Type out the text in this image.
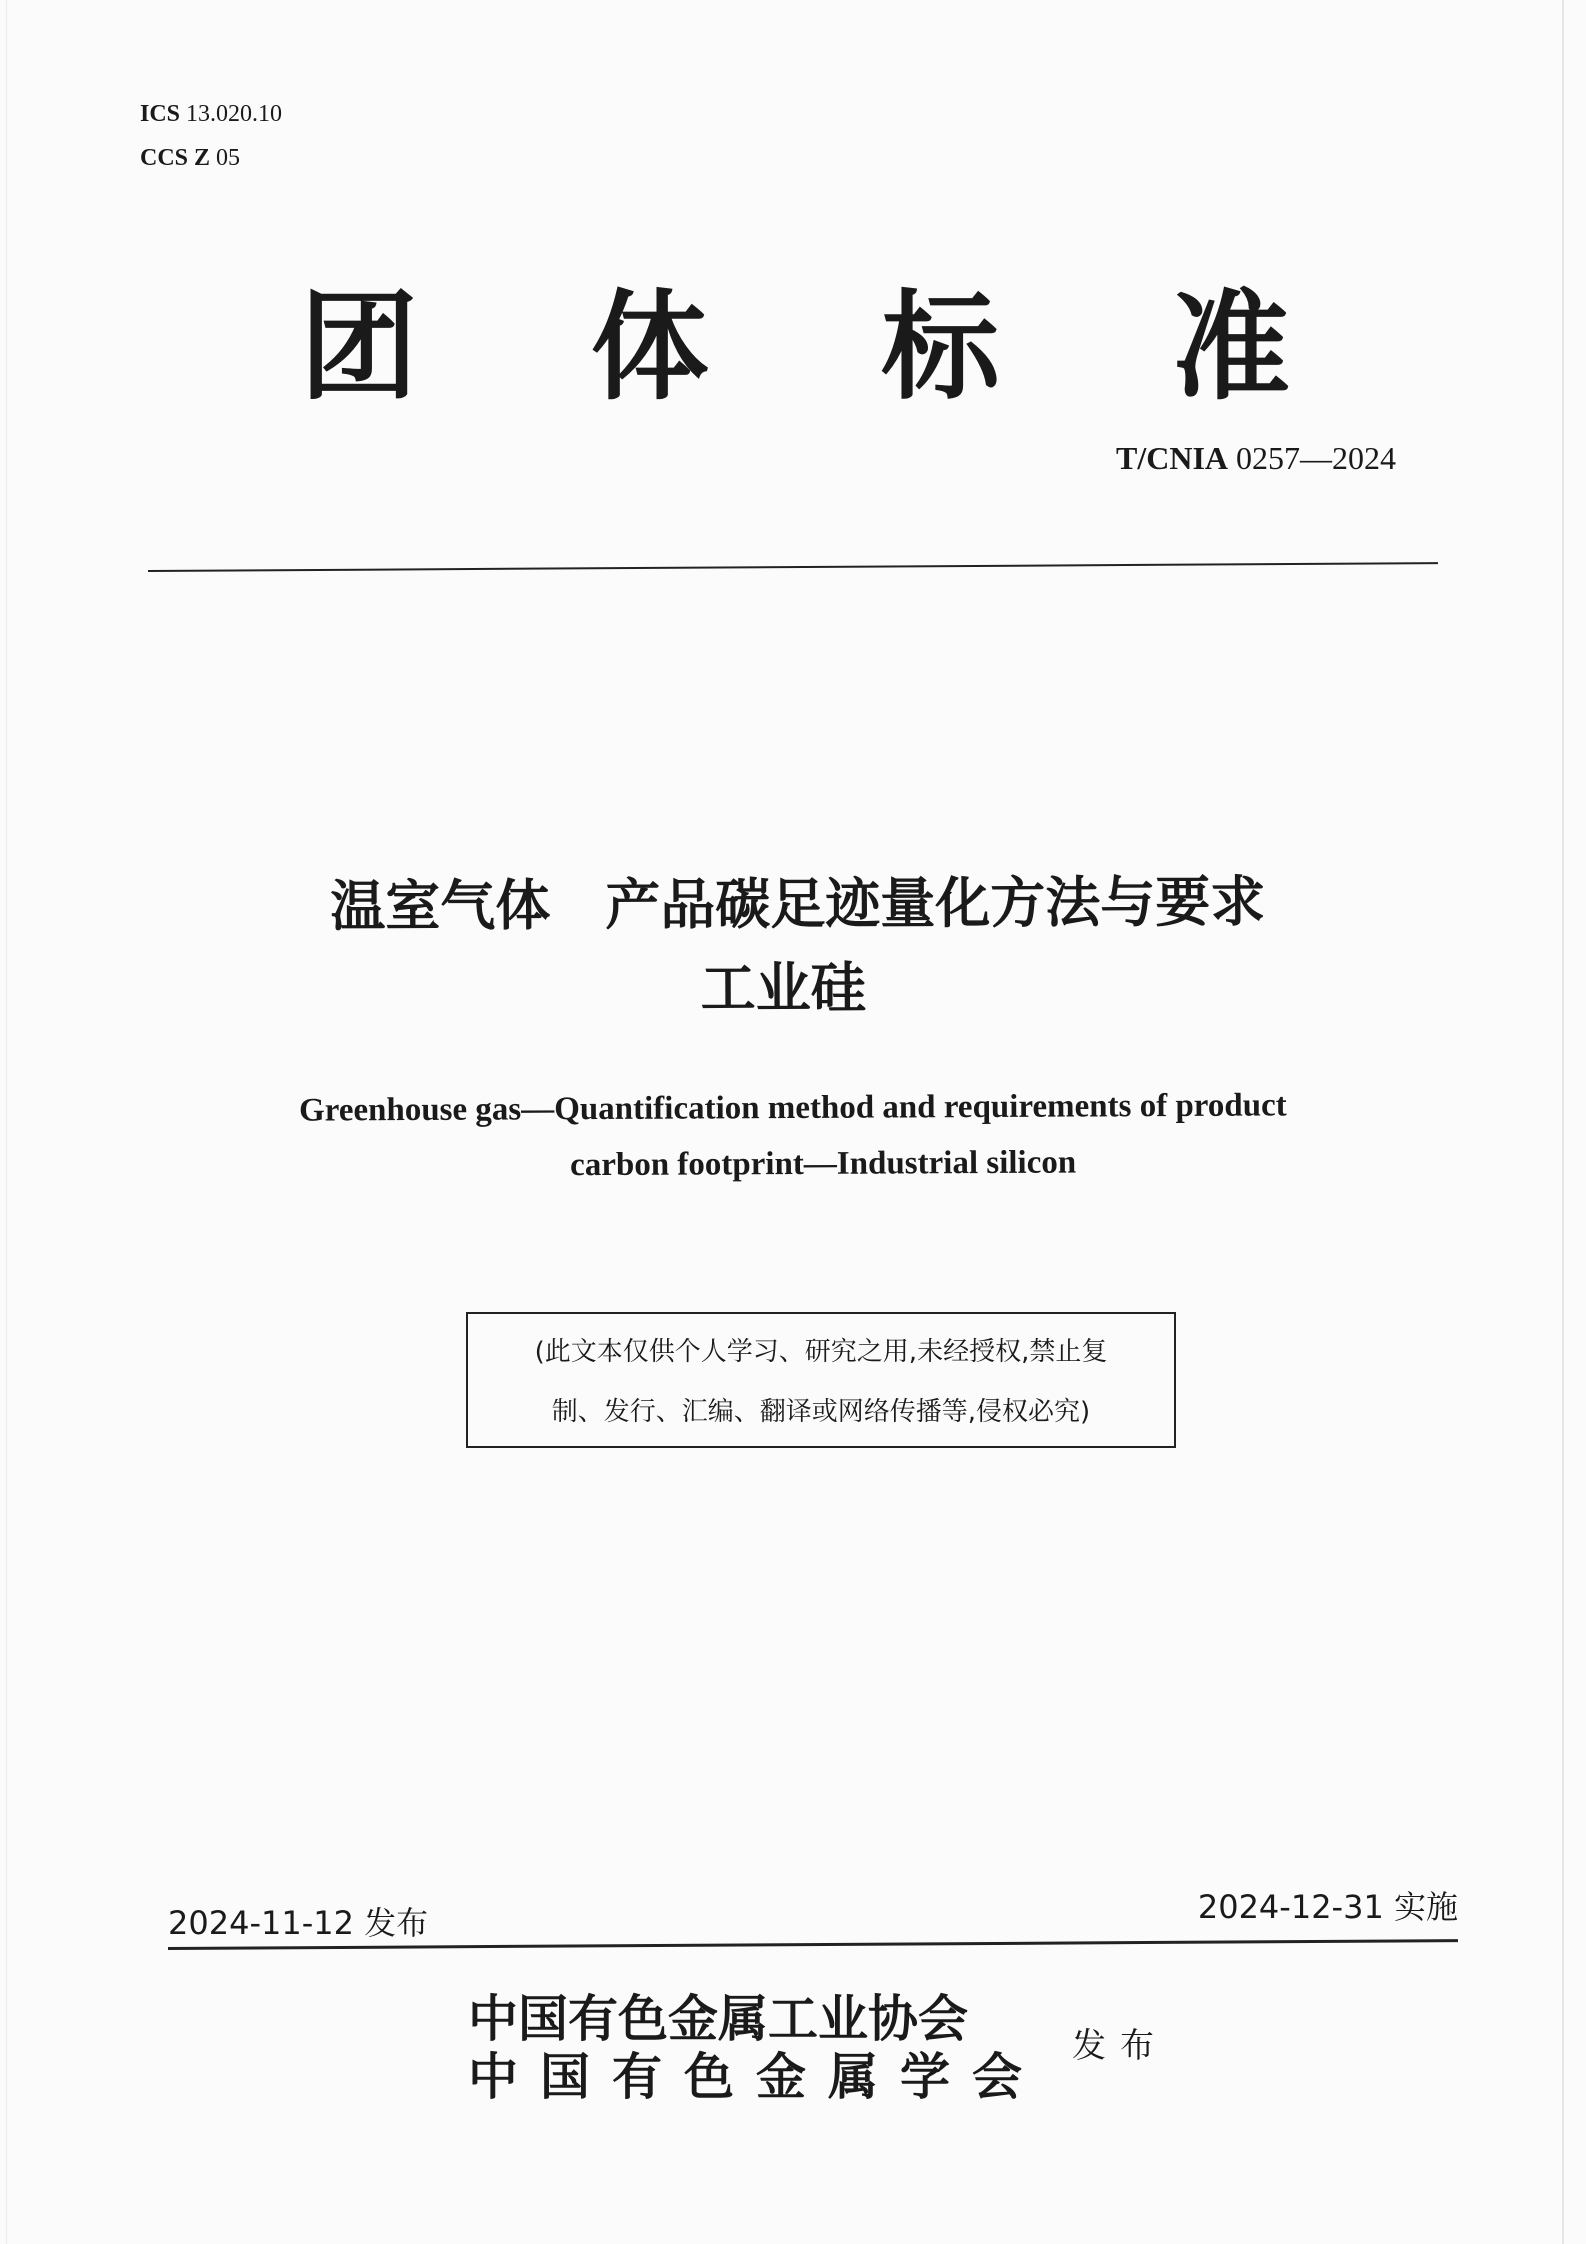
ICS 13.020.10
CCS Z 05
团 体 标 准
T/CNIA 0257—2024
温室气体　产品碳足迹量化方法与要求
工业硅
Greenhouse gas—Quantification method and requirements of product
carbon footprint—Industrial silicon
(此文本仅供个人学习、研究之用,未经授权,禁止复
制、发行、汇编、翻译或网络传播等,侵权必究)
2024-11-12 发布	2024-12-31 实施
中国有色金属工业协会
中国有色金属学会
发布
